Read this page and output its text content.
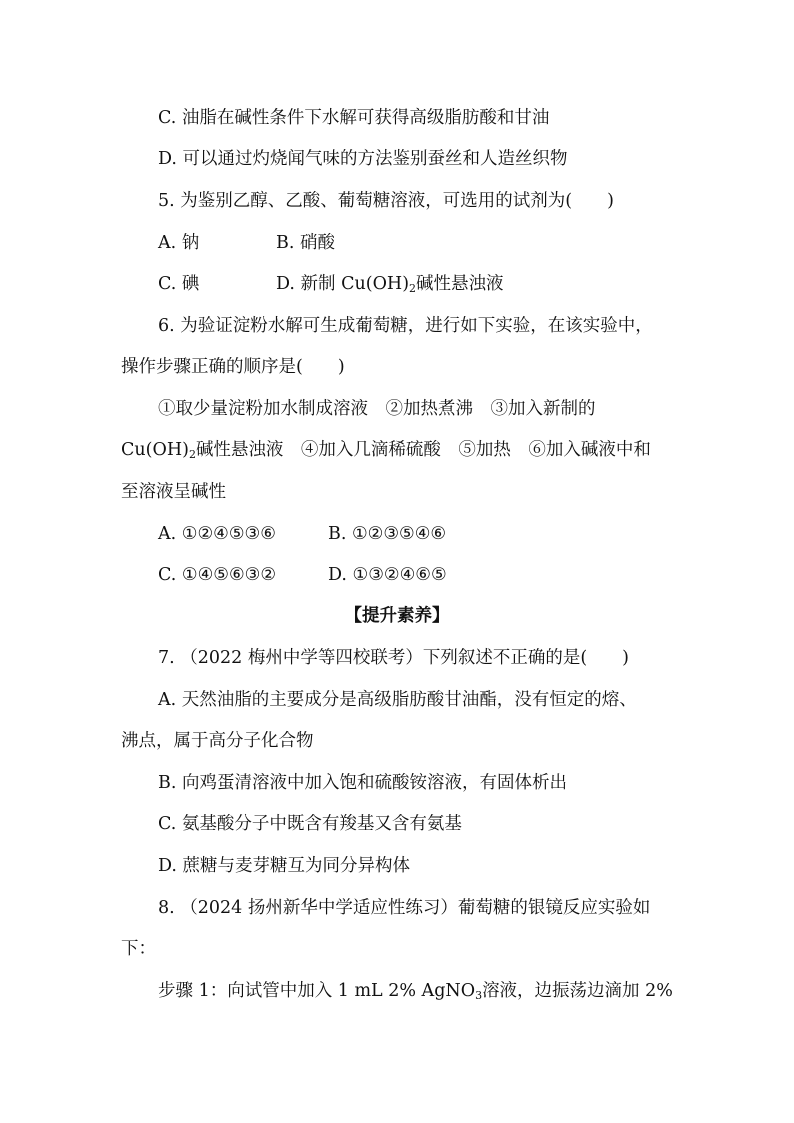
C. 油脂在碱性条件下水解可获得高级脂肪酸和甘油
D. 可以通过灼烧闻气味的方法鉴别蚕丝和人造丝织物
5. 为鉴别乙醇、乙酸、葡萄糖溶液，可选用的试剂为(　　)
A. 钠	B. 硝酸
C. 碘	D. 新制 $Cu(OH)_2$碱性悬浊液
6. 为验证淀粉水解可生成葡萄糖，进行如下实验，在该实验中，
操作步骤正确的顺序是(　　)
①取少量淀粉加水制成溶液　②加热煮沸　③加入新制的
$Cu(OH)_2$碱性悬浊液　④加入几滴稀硫酸　⑤加热　⑥加入碱液中和
至溶液呈碱性
A. ①②④⑤③⑥	B. ①②③⑤④⑥
C. ①④⑤⑥③②	D. ①③②④⑥⑤
【提升素养】
7. （2022 梅州中学等四校联考）下列叙述不正确的是(　　)
A. 天然油脂的主要成分是高级脂肪酸甘油酯，没有恒定的熔、
沸点，属于高分子化合物
B. 向鸡蛋清溶液中加入饱和硫酸铵溶液，有固体析出
C. 氨基酸分子中既含有羧基又含有氨基
D. 蔗糖与麦芽糖互为同分异构体
8. （2024 扬州新华中学适应性练习）葡萄糖的银镜反应实验如
下：
步骤 1：向试管中加入 1 mL 2% AgNO$_3$溶液，边振荡边滴加 2%
